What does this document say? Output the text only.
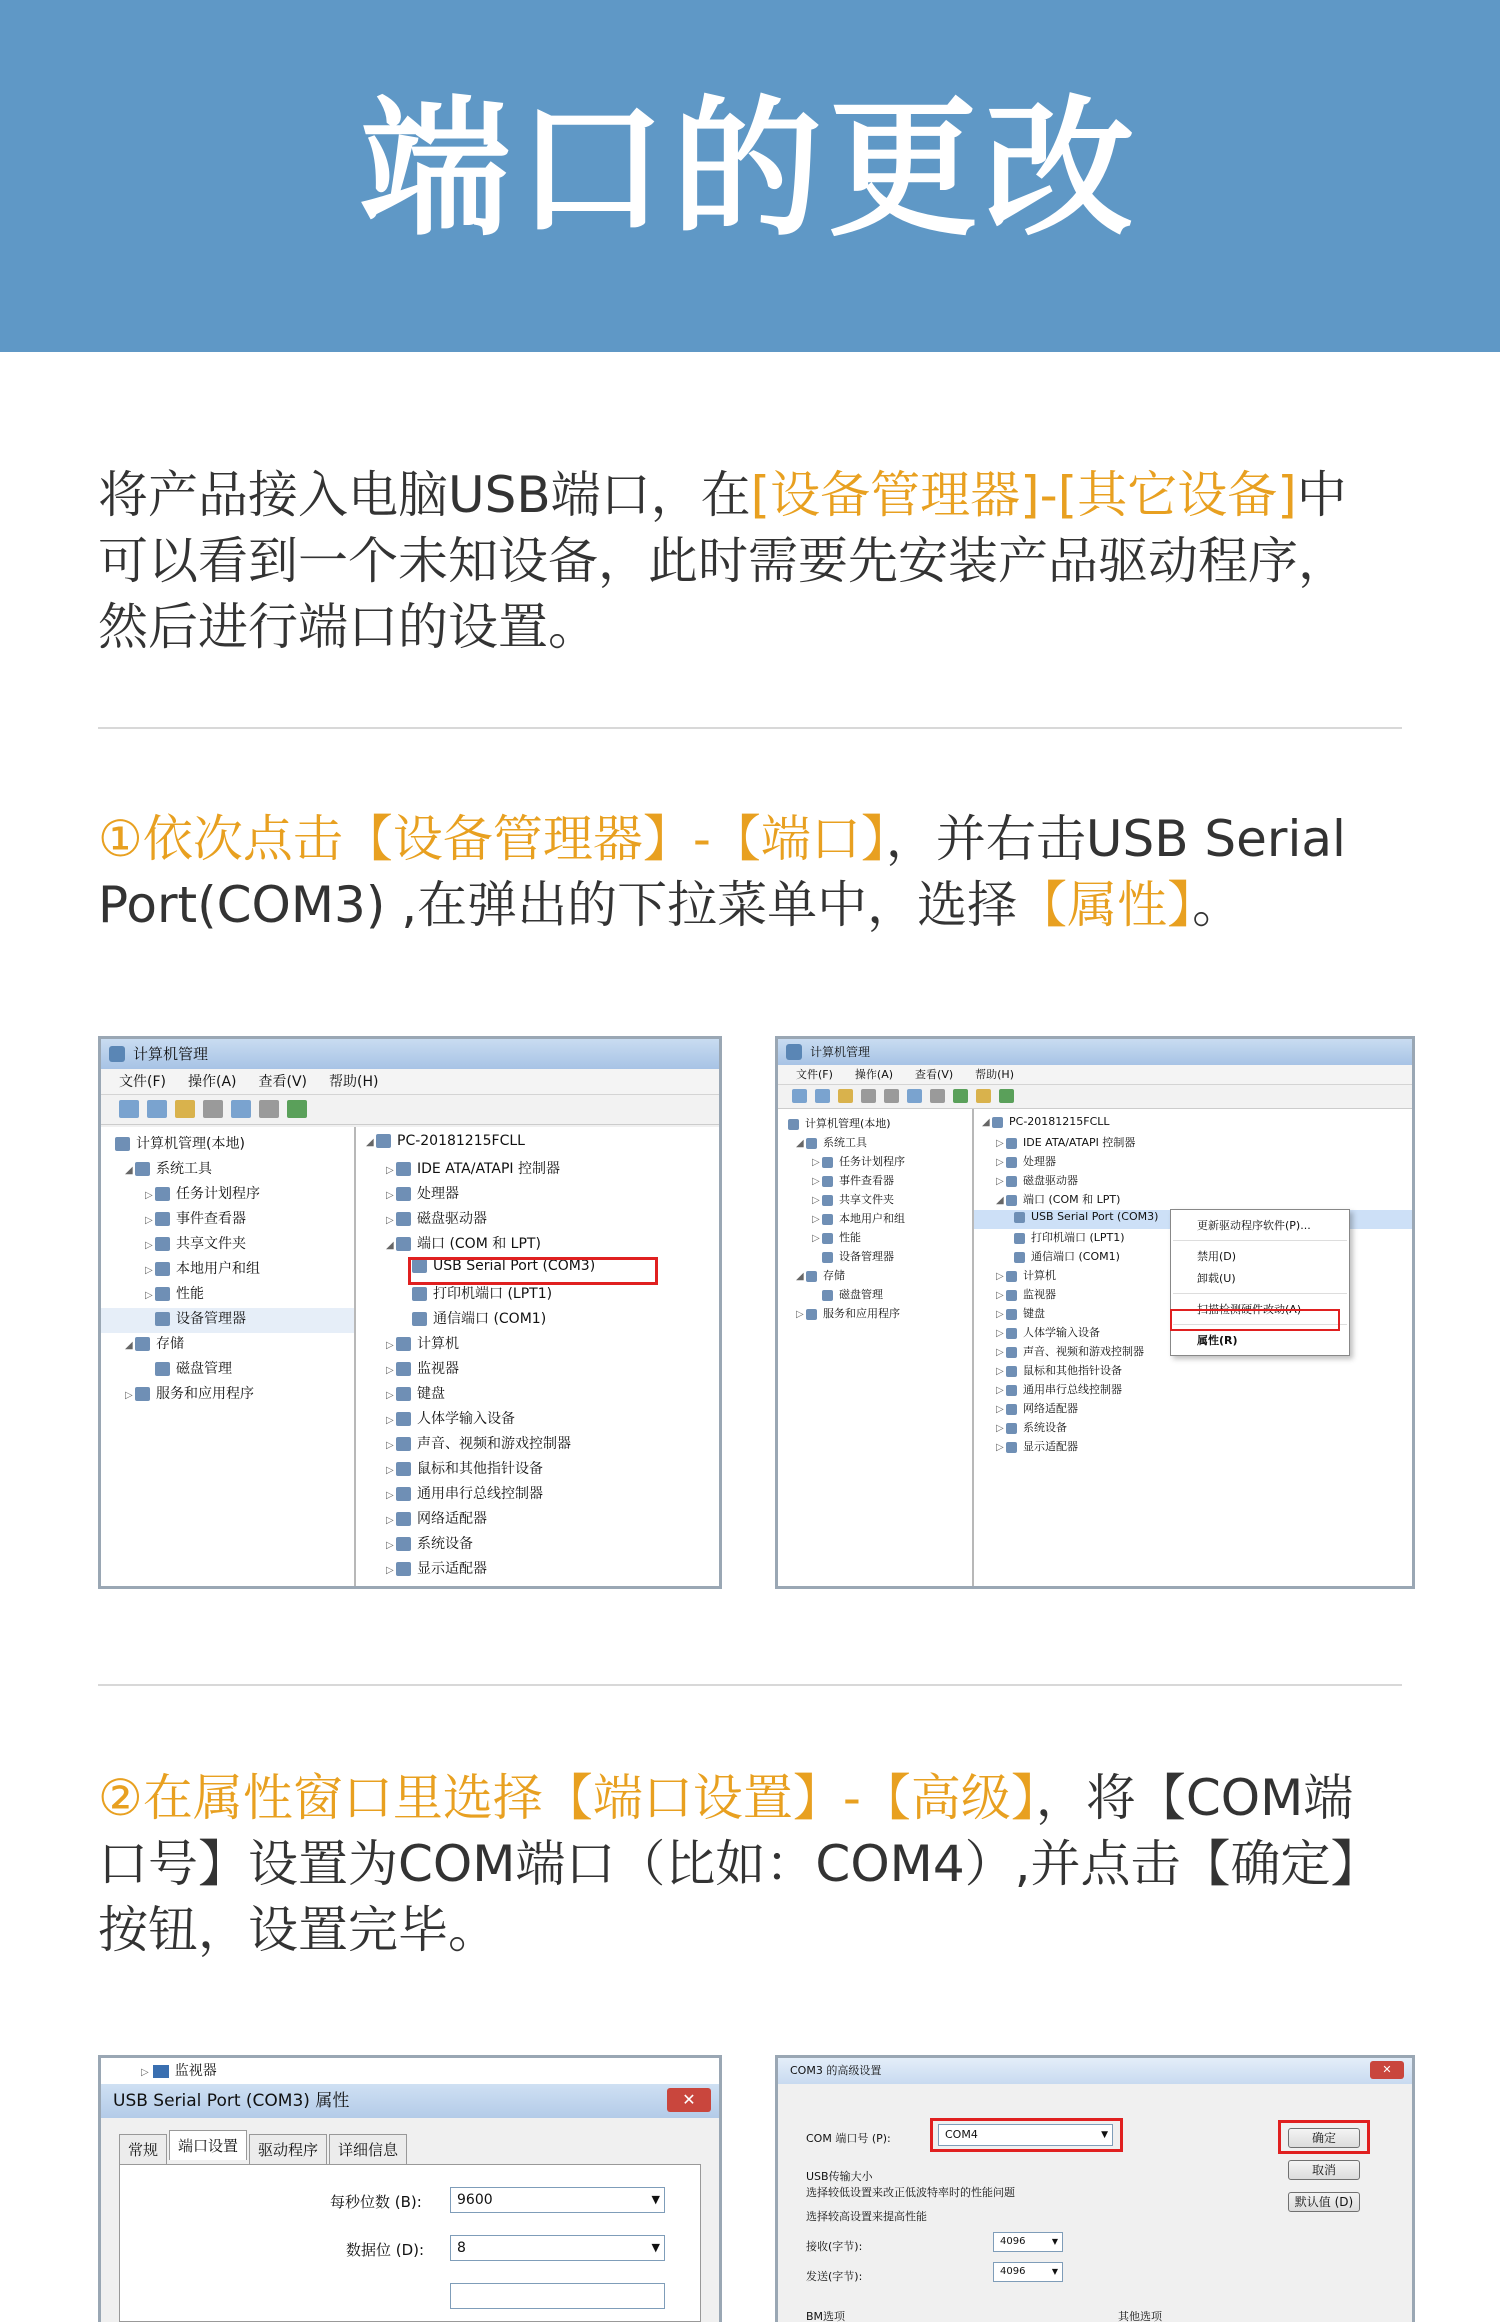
端口的更改
将产品接入电脑USB端口，在[设备管理器]-[其它设备]中
可以看到一个未知设备，此时需要先安装产品驱动程序，
然后进行端口的设置。
①依次点击【设备管理器】-【端口】，并右击USB Serial
Port(COM3) ,在弹出的下拉菜单中，选择【属性】。
计算机管理
文件(F) 操作(A) 查看(V) 帮助(H)
计算机管理(本地)
◢ 系统工具
▷ 任务计划程序
▷ 事件查看器
▷ 共享文件夹
▷ 本地用户和组
▷ 性能
设备管理器
◢ 存储
磁盘管理
▷ 服务和应用程序
◢ PC-20181215FCLL
▷ IDE ATA/ATAPI 控制器
▷ 处理器
▷ 磁盘驱动器
◢ 端口 (COM 和 LPT)
USB Serial Port (COM3)
打印机端口 (LPT1)
通信端口 (COM1)
▷ 计算机
▷ 监视器
▷ 键盘
▷ 人体学输入设备
▷ 声音、视频和游戏控制器
▷ 鼠标和其他指针设备
▷ 通用串行总线控制器
▷ 网络适配器
▷ 系统设备
▷ 显示适配器
计算机管理
文件(F) 操作(A) 查看(V) 帮助(H)
计算机管理(本地)
◢ 系统工具
▷ 任务计划程序
▷ 事件查看器
▷ 共享文件夹
▷ 本地用户和组
▷ 性能
设备管理器
◢ 存储
磁盘管理
▷ 服务和应用程序
◢ PC-20181215FCLL
▷ IDE ATA/ATAPI 控制器
▷ 处理器
▷ 磁盘驱动器
◢ 端口 (COM 和 LPT)
USB Serial Port (COM3)
打印机端口 (LPT1)
通信端口 (COM1)
▷ 计算机
▷ 监视器
▷ 键盘
▷ 人体学输入设备
▷ 声音、视频和游戏控制器
▷ 鼠标和其他指针设备
▷ 通用串行总线控制器
▷ 网络适配器
▷ 系统设备
▷ 显示适配器
更新驱动程序软件(P)...
禁用(D)
卸载(U)
扫描检测硬件改动(A)
属性(R)
②在属性窗口里选择【端口设置】-【高级】，将【COM端
口号】设置为COM端口（比如：COM4）,并点击【确定】
按钮，设置完毕。
▷ 监视器
USB Serial Port (COM3) 属性	✕
常规	端口设置	驱动程序	详细信息
每秒位数 (B):	9600	▼
数据位 (D):	8	▼
COM3 的高级设置	✕
COM 端口号 (P):	COM4	▼
USB传输大小
选择较低设置来改正低波特率时的性能问题
选择较高设置来提高性能
接收(字节):	4096	▼
发送(字节):	4096	▼
BM选项	其他选项
确定
取消
默认值 (D)
